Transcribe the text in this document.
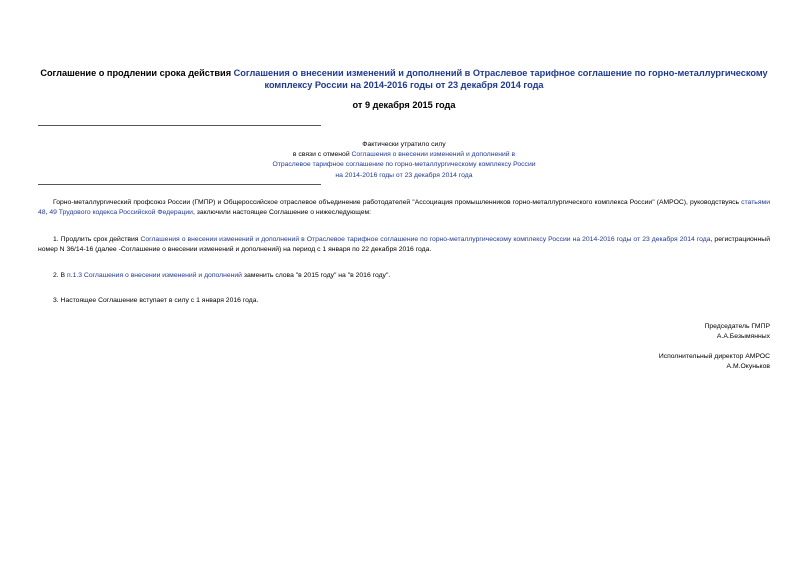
Соглашение о продлении срока действия Соглашения о внесении изменений и дополнений в Отраслевое тарифное соглашение по горно-металлургическому комплексу России на 2014-2016 годы от 23 декабря 2014 года
от 9 декабря 2015 года
Фактически утратило силу
в связи с отменой Соглашения о внесении изменений и дополнений в
Отраслевое тарифное соглашение по горно-металлургическому комплексу России
на 2014-2016 годы от 23 декабря 2014 года

Горно-металлургический профсоюз России (ГМПР) и Общероссийское отраслевое объединение работодателей "Ассоциация промышленников горно-металлургического комплекса России" (АМРОС), руководствуясь статьями 48, 49 Трудового кодекса Российской Федерации, заключили настоящее Соглашение о нижеследующем:

1. Продлить срок действия Соглашения о внесении изменений и дополнений в Отраслевое тарифное соглашение по горно-металлургическому комплексу России на 2014-2016 годы от 23 декабря 2014 года, регистрационный номер N 36/14-16 (далее -Соглашение о внесении изменений и дополнений) на период с 1 января по 22 декабря 2016 года.

2. В п.1.3 Соглашения о внесении изменений и дополнений заменить слова "в 2015 году" на "в 2016 году".

3. Настоящее Соглашение вступает в силу с 1 января 2016 года.

Председатель ГМПР
А.А.Безымянных
Исполнительный директор АМРОС
А.М.Окуньков
